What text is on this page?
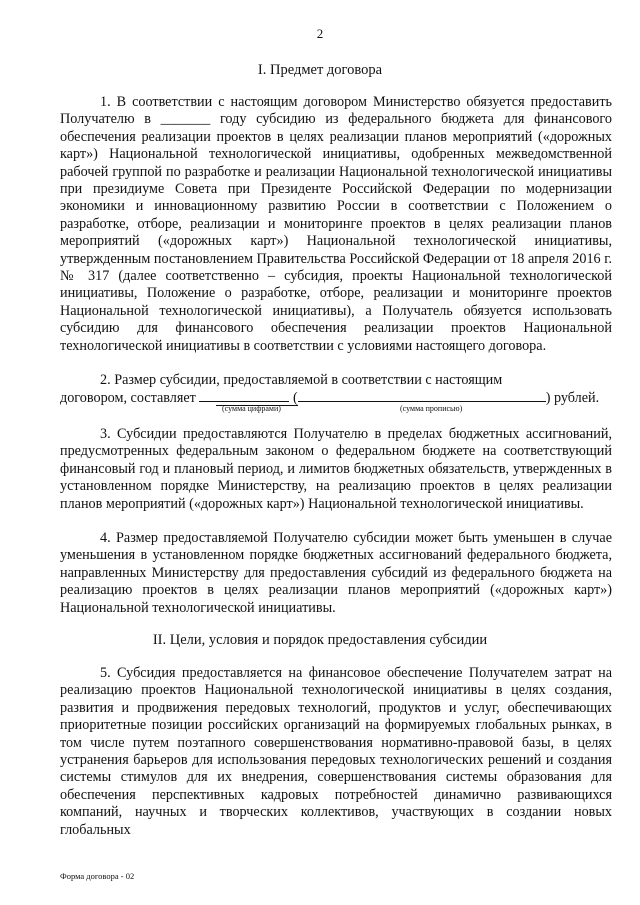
2
I. Предмет договора

1. В соответствии с настоящим договором Министерство обязуется предоставить Получателю в _______ году субсидию из федерального бюджета для финансового обеспечения реализации проектов в целях реализации планов мероприятий («дорожных карт») Национальной технологической инициативы, одобренных межведомственной рабочей группой по разработке и реализации Национальной технологической инициативы при президиуме Совета при Президенте Российской Федерации по модернизации экономики и инновационному развитию России в соответствии с Положением о разработке, отборе, реализации и мониторинге проектов в целях реализации планов мероприятий («дорожных карт») Национальной технологической инициативы, утвержденным постановлением Правительства Российской Федерации от 18 апреля 2016 г. № 317 (далее соответственно – субсидия, проекты Национальной технологической инициативы, Положение о разработке, отборе, реализации и мониторинге проектов Национальной технологической инициативы), а Получатель обязуется использовать субсидию для финансового обеспечения реализации проектов Национальной технологической инициативы в соответствии с условиями настоящего договора.

2. Размер субсидии, предоставляемой в соответствии с настоящим

договором, составляет	(	) рублей.
(сумма цифрами)	(сумма прописью)

3. Субсидии предоставляются Получателю в пределах бюджетных ассигнований, предусмотренных федеральным законом о федеральном бюджете на соответствующий финансовый год и плановый период, и лимитов бюджетных обязательств, утвержденных в установленном порядке Министерству, на реализацию проектов в целях реализации планов мероприятий («дорожных карт») Национальной технологической инициативы.

4. Размер предоставляемой Получателю субсидии может быть уменьшен в случае уменьшения в установленном порядке бюджетных ассигнований федерального бюджета, направленных Министерству для предоставления субсидий из федерального бюджета на реализацию проектов в целях реализации планов мероприятий («дорожных карт») Национальной технологической инициативы.

II. Цели, условия и порядок предоставления субсидии

5. Субсидия предоставляется на финансовое обеспечение Получателем затрат на реализацию проектов Национальной технологической инициативы в целях создания, развития и продвижения передовых технологий, продуктов и услуг, обеспечивающих приоритетные позиции российских организаций на формируемых глобальных рынках, в том числе путем поэтапного совершенствования нормативно-правовой базы, в целях устранения барьеров для использования передовых технологических решений и создания системы стимулов для их внедрения, совершенствования системы образования для обеспечения перспективных кадровых потребностей динамично развивающихся компаний, научных и творческих коллективов, участвующих в создании новых глобальных

Форма договора - 02
